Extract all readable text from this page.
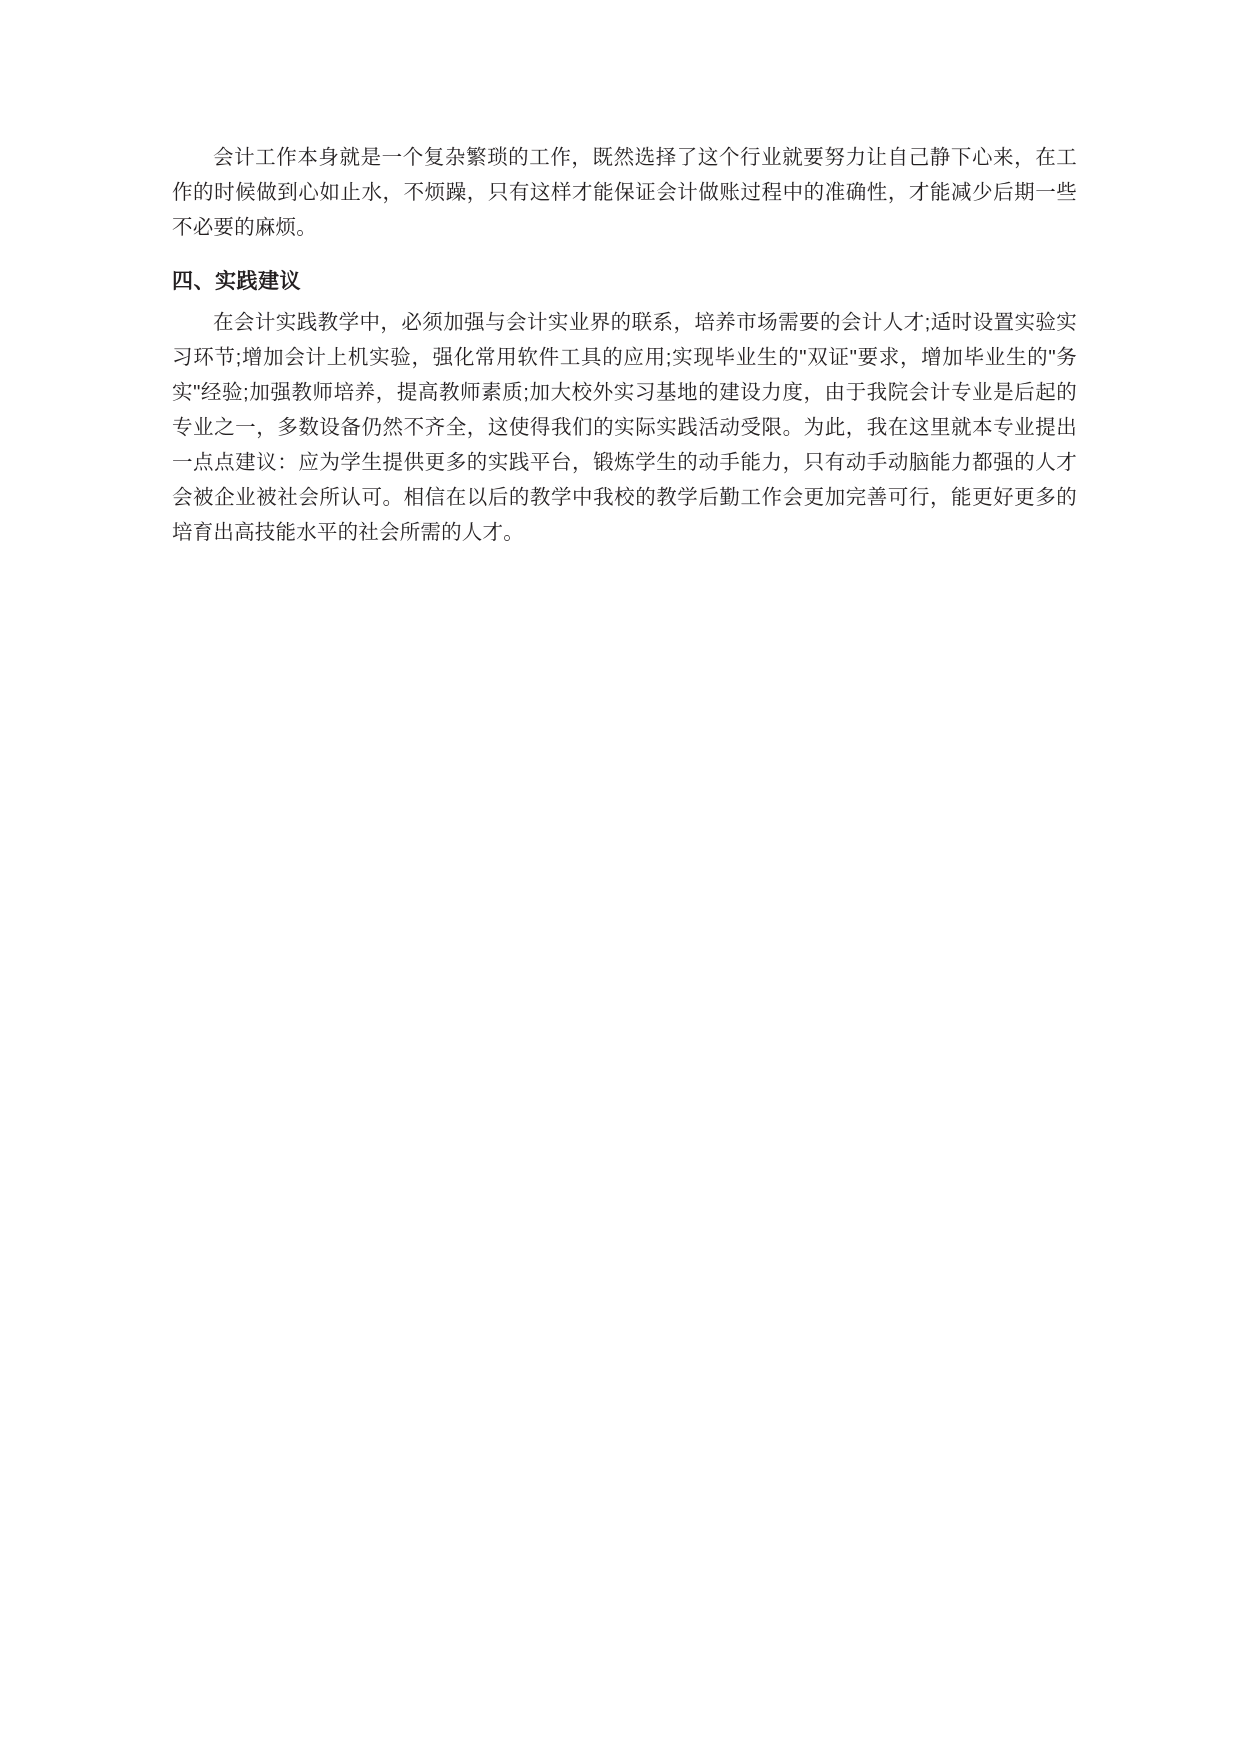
会计工作本身就是一个复杂繁琐的工作，既然选择了这个行业就要努力让自己静下心来，在工作的时候做到心如止水，不烦躁，只有这样才能保证会计做账过程中的准确性，才能减少后期一些不必要的麻烦。

四、实践建议

在会计实践教学中，必须加强与会计实业界的联系，培养市场需要的会计人才;适时设置实验实习环节;增加会计上机实验，强化常用软件工具的应用;实现毕业生的"双证"要求，增加毕业生的"务实"经验;加强教师培养，提高教师素质;加大校外实习基地的建设力度，由于我院会计专业是后起的专业之一，多数设备仍然不齐全，这使得我们的实际实践活动受限。为此，我在这里就本专业提出一点点建议：应为学生提供更多的实践平台，锻炼学生的动手能力，只有动手动脑能力都强的人才会被企业被社会所认可。相信在以后的教学中我校的教学后勤工作会更加完善可行，能更好更多的培育出高技能水平的社会所需的人才。
